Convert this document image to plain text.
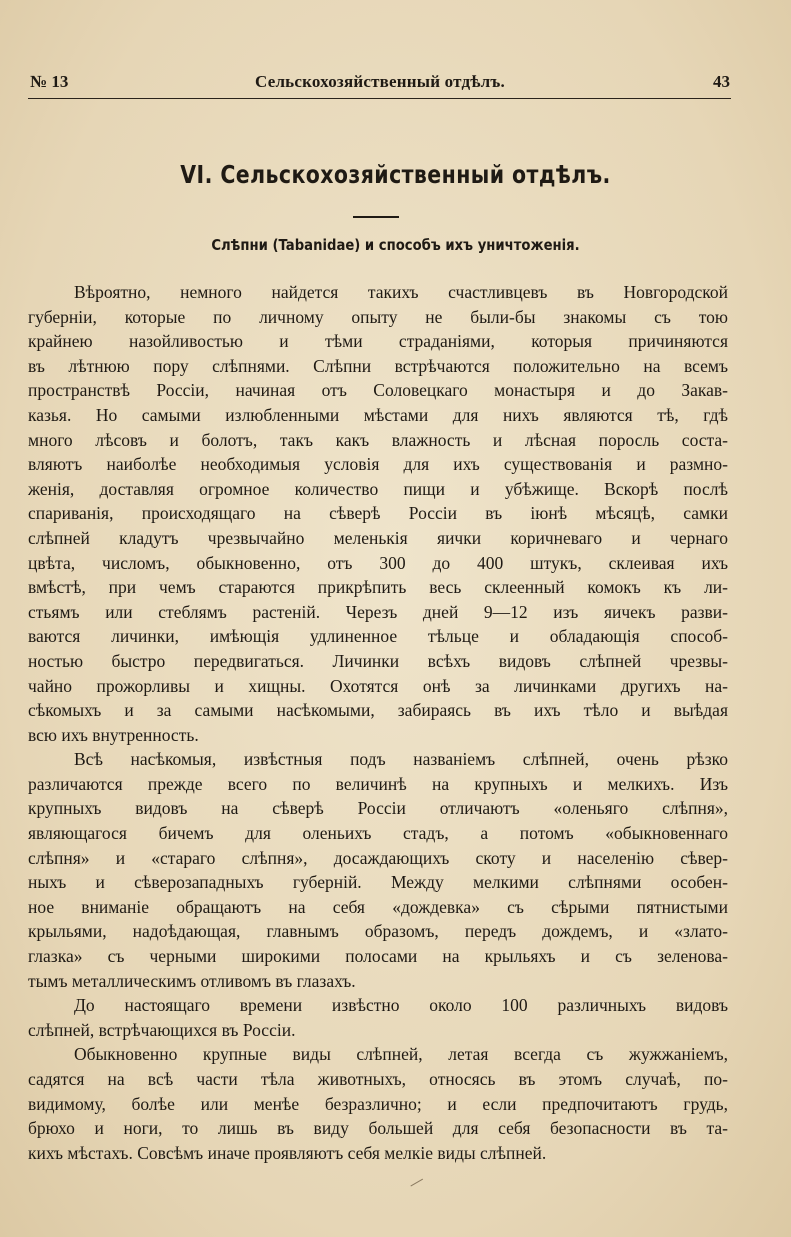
№ 13	Сельскохозяйственный отдѣлъ.	43
VI. Сельскохозяйственный отдѣлъ.
Слѣпни (Tabanidae) и способъ ихъ уничтоженія.
Вѣроятно, немного найдется такихъ счастливцевъ въ Новгородской
губерніи, которые по личному опыту не были-бы знакомы съ тою
крайнею назойливостью и тѣми страданіями, которыя причиняются
въ лѣтнюю пору слѣпнями. Слѣпни встрѣчаются положительно на всемъ
пространствѣ Россіи, начиная отъ Соловецкаго монастыря и до Закав-
казья. Но самыми излюбленными мѣстами для нихъ являются тѣ, гдѣ
много лѣсовъ и болотъ, такъ какъ влажность и лѣсная поросль соста-
вляютъ наиболѣе необходимыя условія для ихъ существованія и размно-
женія, доставляя огромное количество пищи и убѣжище. Вскорѣ послѣ
спариванія, происходящаго на сѣверѣ Россіи въ іюнѣ мѣсяцѣ, самки
слѣпней кладутъ чрезвычайно меленькія яички коричневаго и чернаго
цвѣта, числомъ, обыкновенно, отъ 300 до 400 штукъ, склеивая ихъ
вмѣстѣ, при чемъ стараются прикрѣпить весь склеенный комокъ къ ли-
стьямъ или стеблямъ растеній. Черезъ дней 9—12 изъ яичекъ разви-
ваются личинки, имѣющія удлиненное тѣльце и обладающія способ-
ностью быстро передвигаться. Личинки всѣхъ видовъ слѣпней чрезвы-
чайно прожорливы и хищны. Охотятся онѣ за личинками другихъ на-
сѣкомыхъ и за самыми насѣкомыми, забираясь въ ихъ тѣло и выѣдая
всю ихъ внутренность.
Всѣ насѣкомыя, извѣстныя подъ названіемъ слѣпней, очень рѣзко
различаются прежде всего по величинѣ на крупныхъ и мелкихъ. Изъ
крупныхъ видовъ на сѣверѣ Россіи отличаютъ «оленьяго слѣпня»,
являющагося бичемъ для оленьихъ стадъ, а потомъ «обыкновеннаго
слѣпня» и «стараго слѣпня», досаждающихъ скоту и населенію сѣвер-
ныхъ и сѣверозападныхъ губерній. Между мелкими слѣпнями особен-
ное вниманіе обращаютъ на себя «дождевка» съ сѣрыми пятнистыми
крыльями, надоѣдающая, главнымъ образомъ, передъ дождемъ, и «злато-
глазка» съ черными широкими полосами на крыльяхъ и съ зеленова-
тымъ металлическимъ отливомъ въ глазахъ.
До настоящаго времени извѣстно около 100 различныхъ видовъ
слѣпней, встрѣчающихся въ Россіи.
Обыкновенно крупные виды слѣпней, летая всегда съ жужжаніемъ,
садятся на всѣ части тѣла животныхъ, относясь въ этомъ случаѣ, по-
видимому, болѣе или менѣе безразлично; и если предпочитаютъ грудь,
брюхо и ноги, то лишь въ виду большей для себя безопасности въ та-
кихъ мѣстахъ. Совсѣмъ иначе проявляютъ себя мелкіе виды слѣпней.
